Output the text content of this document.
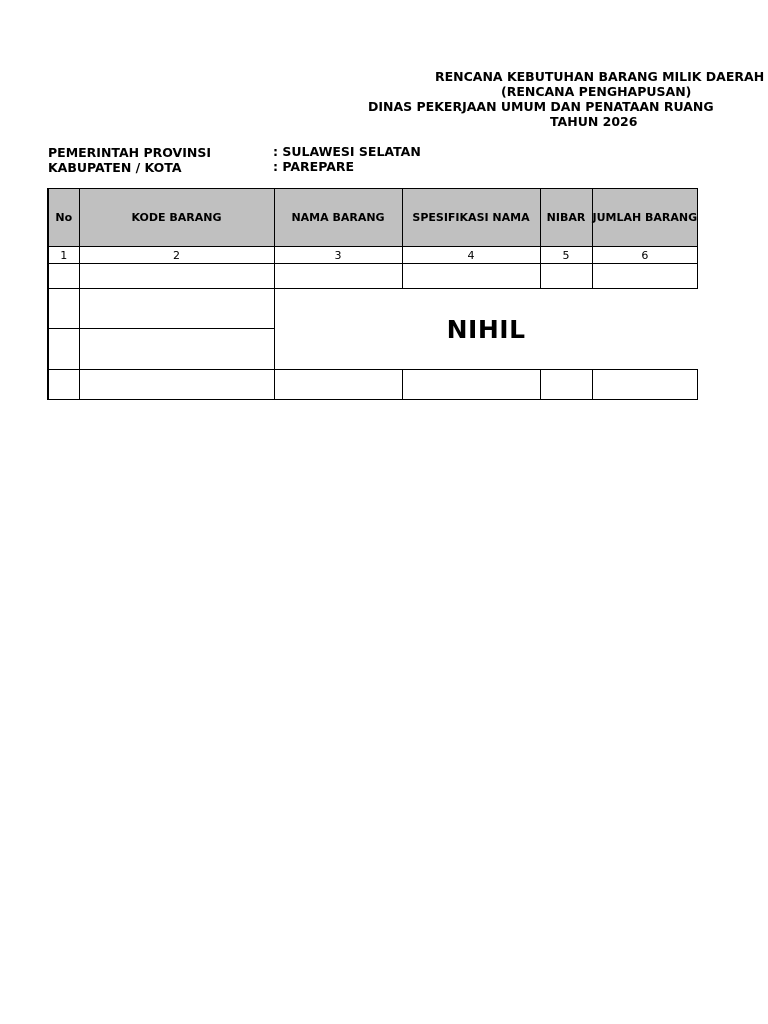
RENCANA KEBUTUHAN BARANG MILIK DAERAH
(RENCANA PENGHAPUSAN)
DINAS PEKERJAAN UMUM DAN PENATAAN RUANG
TAHUN 2026
PEMERINTAH PROVINSI	: SULAWESI SELATAN
KABUPATEN / KOTA	: PAREPARE
No	KODE BARANG	NAMA BARANG	SPESIFIKASI NAMA	NIBAR	JUMLAH BARANG
1	2	3	4	5	6

		NIHIL			
